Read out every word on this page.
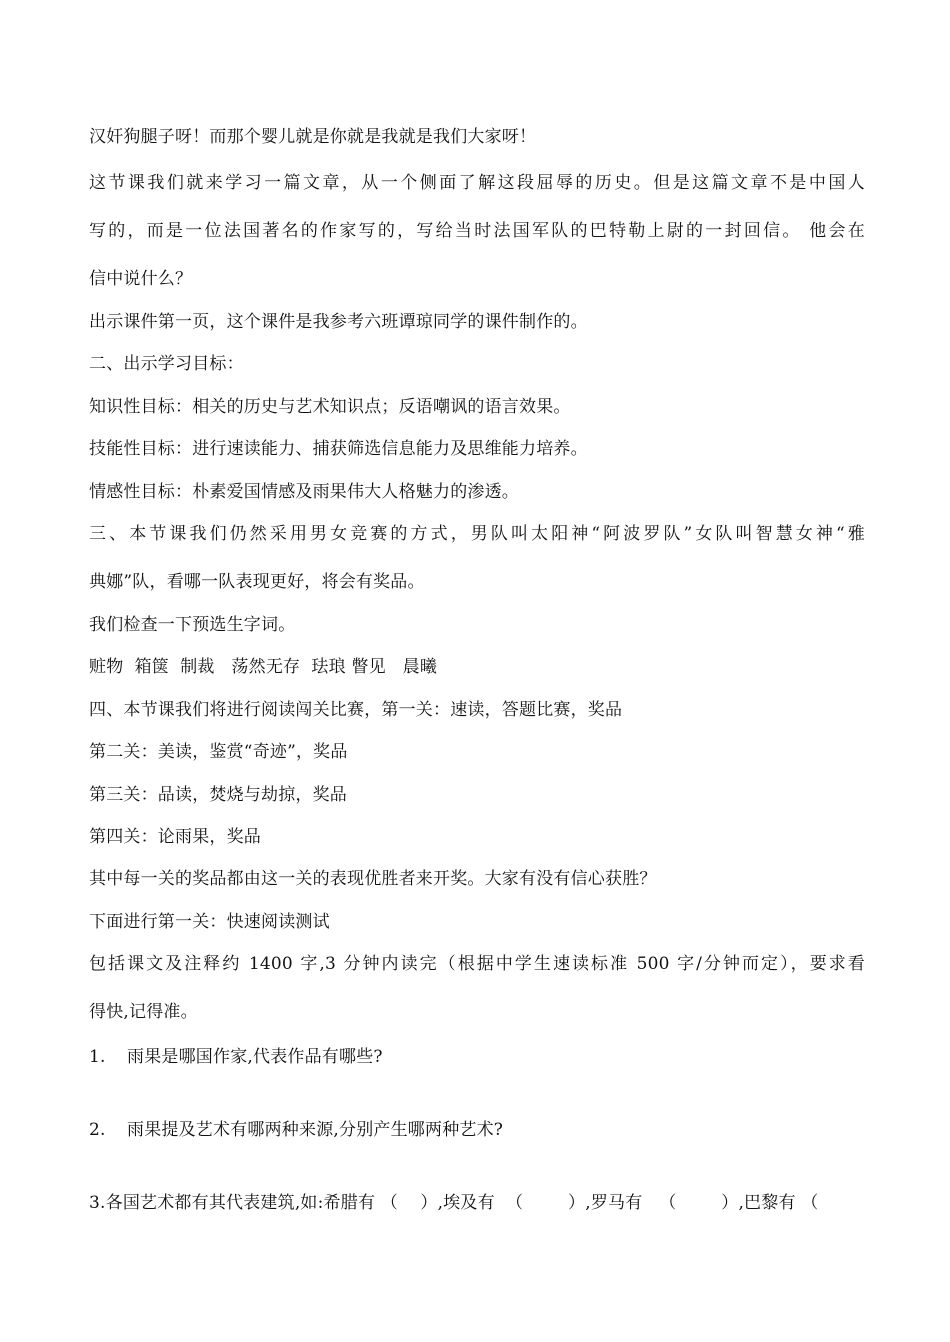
汉奸狗腿子呀！而那个婴儿就是你就是我就是我们大家呀！
这节课我们就来学习一篇文章，从一个侧面了解这段屈辱的历史。但是这篇文章不是中国人
写的，而是一位法国著名的作家写的，写给当时法国军队的巴特勒上尉的一封回信。 他会在
信中说什么？
出示课件第一页，这个课件是我参考六班谭琼同学的课件制作的。
二、出示学习目标：
知识性目标：相关的历史与艺术知识点；反语嘲讽的语言效果。
技能性目标：进行速读能力、捕获筛选信息能力及思维能力培养。
情感性目标：朴素爱国情感及雨果伟大人格魅力的渗透。
三、本节课我们仍然采用男女竞赛的方式，男队叫太阳神“阿波罗队”女队叫智慧女神“雅
典娜”队，看哪一队表现更好，将会有奖品。
我们检查一下预选生字词。
赃物  箱箧  制裁   荡然无存  珐琅 瞥见   晨曦
四、本节课我们将进行阅读闯关比赛，第一关：速读，答题比赛，奖品
第二关：美读，鉴赏“奇迹”，奖品
第三关：品读，焚烧与劫掠，奖品
第四关：论雨果，奖品
其中每一关的奖品都由这一关的表现优胜者来开奖。大家有没有信心获胜？
下面进行第一关：快速阅读测试
包括课文及注释约 1400 字,3 分钟内读完（根据中学生速读标准 500 字/分钟而定），要求看
得快,记得准。
1. 雨果是哪国作家,代表作品有哪些?
2. 雨果提及艺术有哪两种来源,分别产生哪两种艺术?
3.各国艺术都有其代表建筑,如:希腊有 （    ）,埃及有  （        ）,罗马有   （        ）,巴黎有 （
